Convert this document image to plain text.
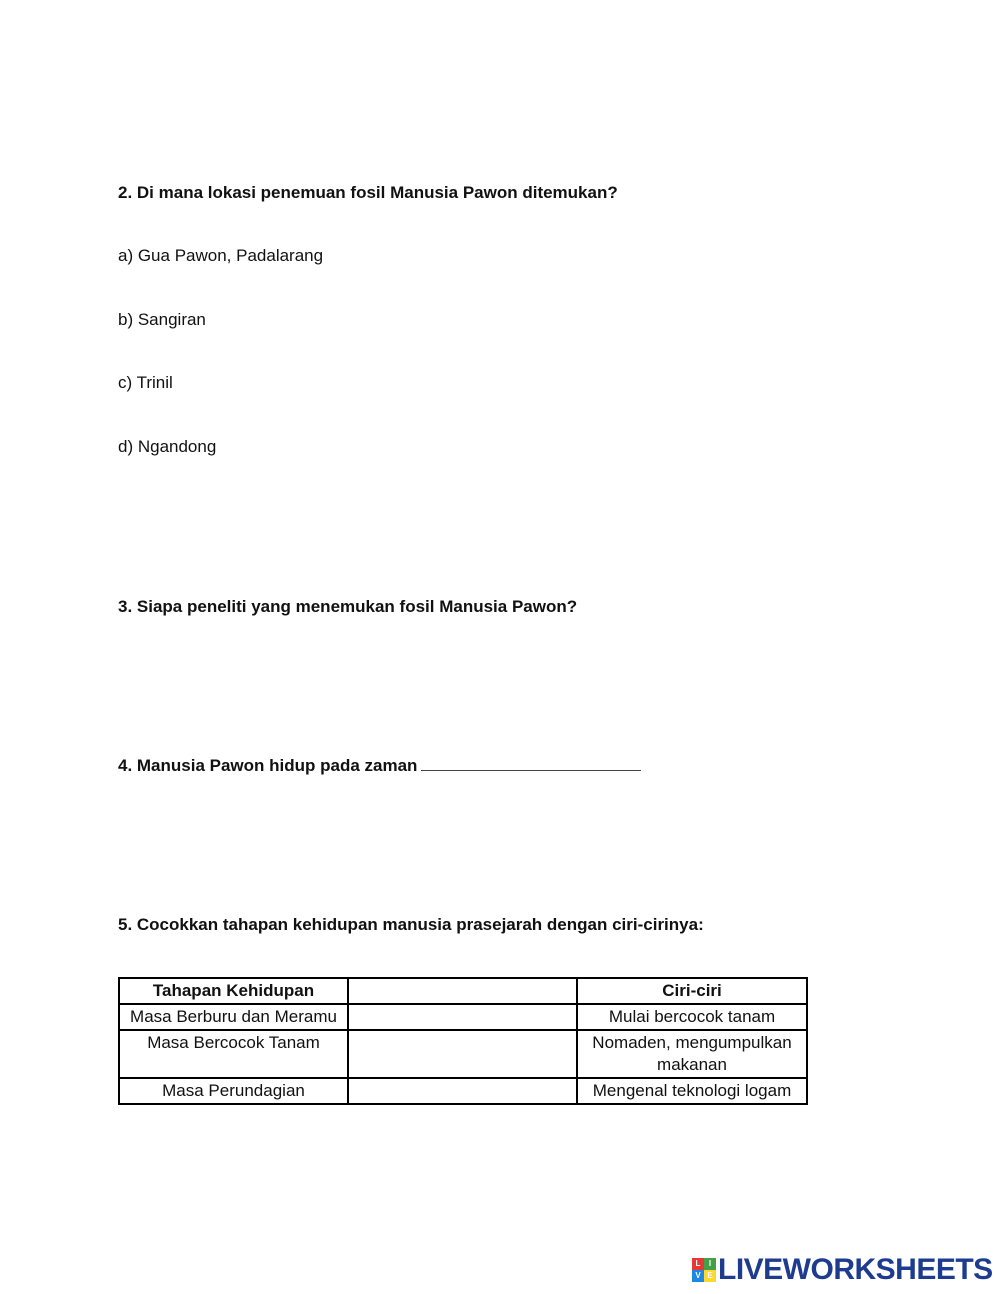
2. Di mana lokasi penemuan fosil Manusia Pawon ditemukan?
a) Gua Pawon, Padalarang
b) Sangiran
c) Trinil
d) Ngandong
3. Siapa peneliti yang menemukan fosil Manusia Pawon?
4. Manusia Pawon hidup pada zaman
5. Cocokkan tahapan kehidupan manusia prasejarah dengan ciri-cirinya:
Tahapan Kehidupan		Ciri-ciri
Masa Berburu dan Meramu		Mulai bercocok tanam
Masa Bercocok Tanam		Nomaden, mengumpulkan makanan
Masa Perundagian		Mengenal teknologi logam
L	I
V E LIVEWORKSHEETS
